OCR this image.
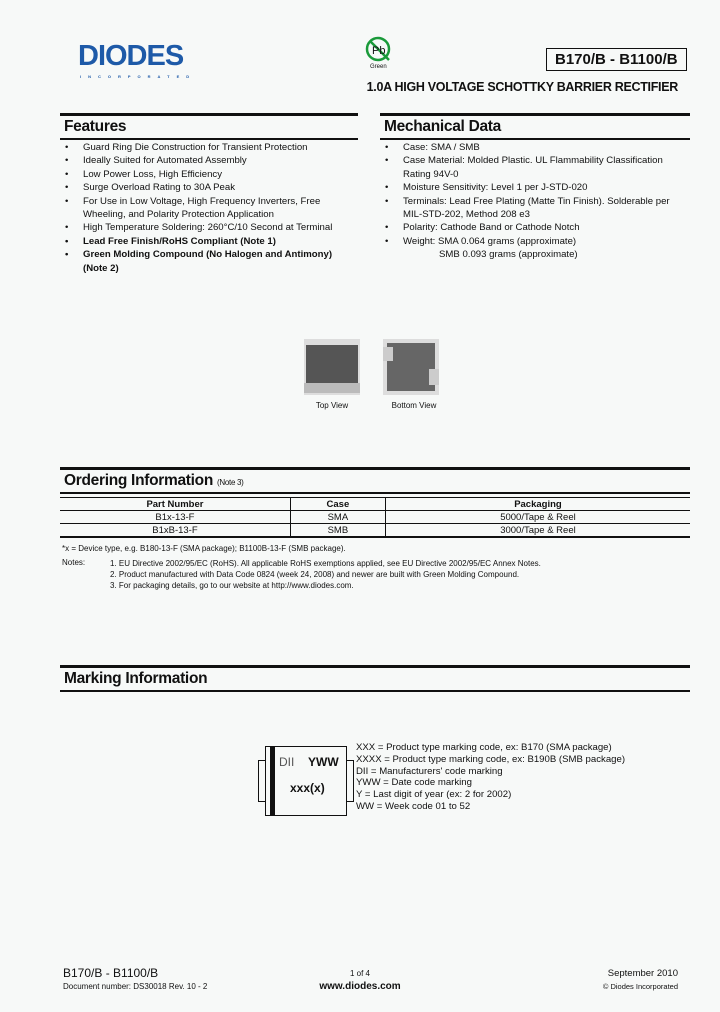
DIODES
INCORPORATED
Pb
Green	B170/B - B1100/B
1.0A HIGH VOLTAGE SCHOTTKY BARRIER RECTIFIER
Features
• Guard Ring Die Construction for Transient Protection
• Ideally Suited for Automated Assembly
• Low Power Loss, High Efficiency
• Surge Overload Rating to 30A Peak
• For Use in Low Voltage, High Frequency Inverters, Free Wheeling, and Polarity Protection Application
• High Temperature Soldering: 260°C/10 Second at Terminal
• Lead Free Finish/RoHS Compliant (Note 1)
• Green Molding Compound (No Halogen and Antimony) (Note 2)
Mechanical Data
• Case: SMA / SMB
• Case Material: Molded Plastic. UL Flammability Classification Rating 94V-0
• Moisture Sensitivity: Level 1 per J-STD-020
• Terminals: Lead Free Plating (Matte Tin Finish). Solderable per MIL-STD-202, Method 208 e3
• Polarity: Cathode Band or Cathode Notch
• Weight: SMA 0.064 grams (approximate)
SMB 0.093 grams (approximate)
Top View	Bottom View
Ordering Information (Note 3)
Part Number	Case	Packaging
B1x-13-F	SMA	5000/Tape & Reel
B1xB-13-F	SMB	3000/Tape & Reel
*x = Device type, e.g. B180-13-F (SMA package); B1100B-13-F (SMB package).
Notes:	1. EU Directive 2002/95/EC (RoHS). All applicable RoHS exemptions applied, see EU Directive 2002/95/EC Annex Notes.
2. Product manufactured with Data Code 0824 (week 24, 2008) and newer are built with Green Molding Compound.
3. For packaging details, go to our website at http://www.diodes.com.
Marking Information
DII YWW
xxx(x)
XXX = Product type marking code, ex: B170 (SMA package)
XXXX = Product type marking code, ex: B190B (SMB package)
DII = Manufacturers' code marking
YWW = Date code marking
Y = Last digit of year (ex: 2 for 2002)
WW = Week code 01 to 52
B170/B - B1100/B
Document number: DS30018 Rev. 10 - 2
1 of 4
www.diodes.com
September 2010
© Diodes Incorporated
